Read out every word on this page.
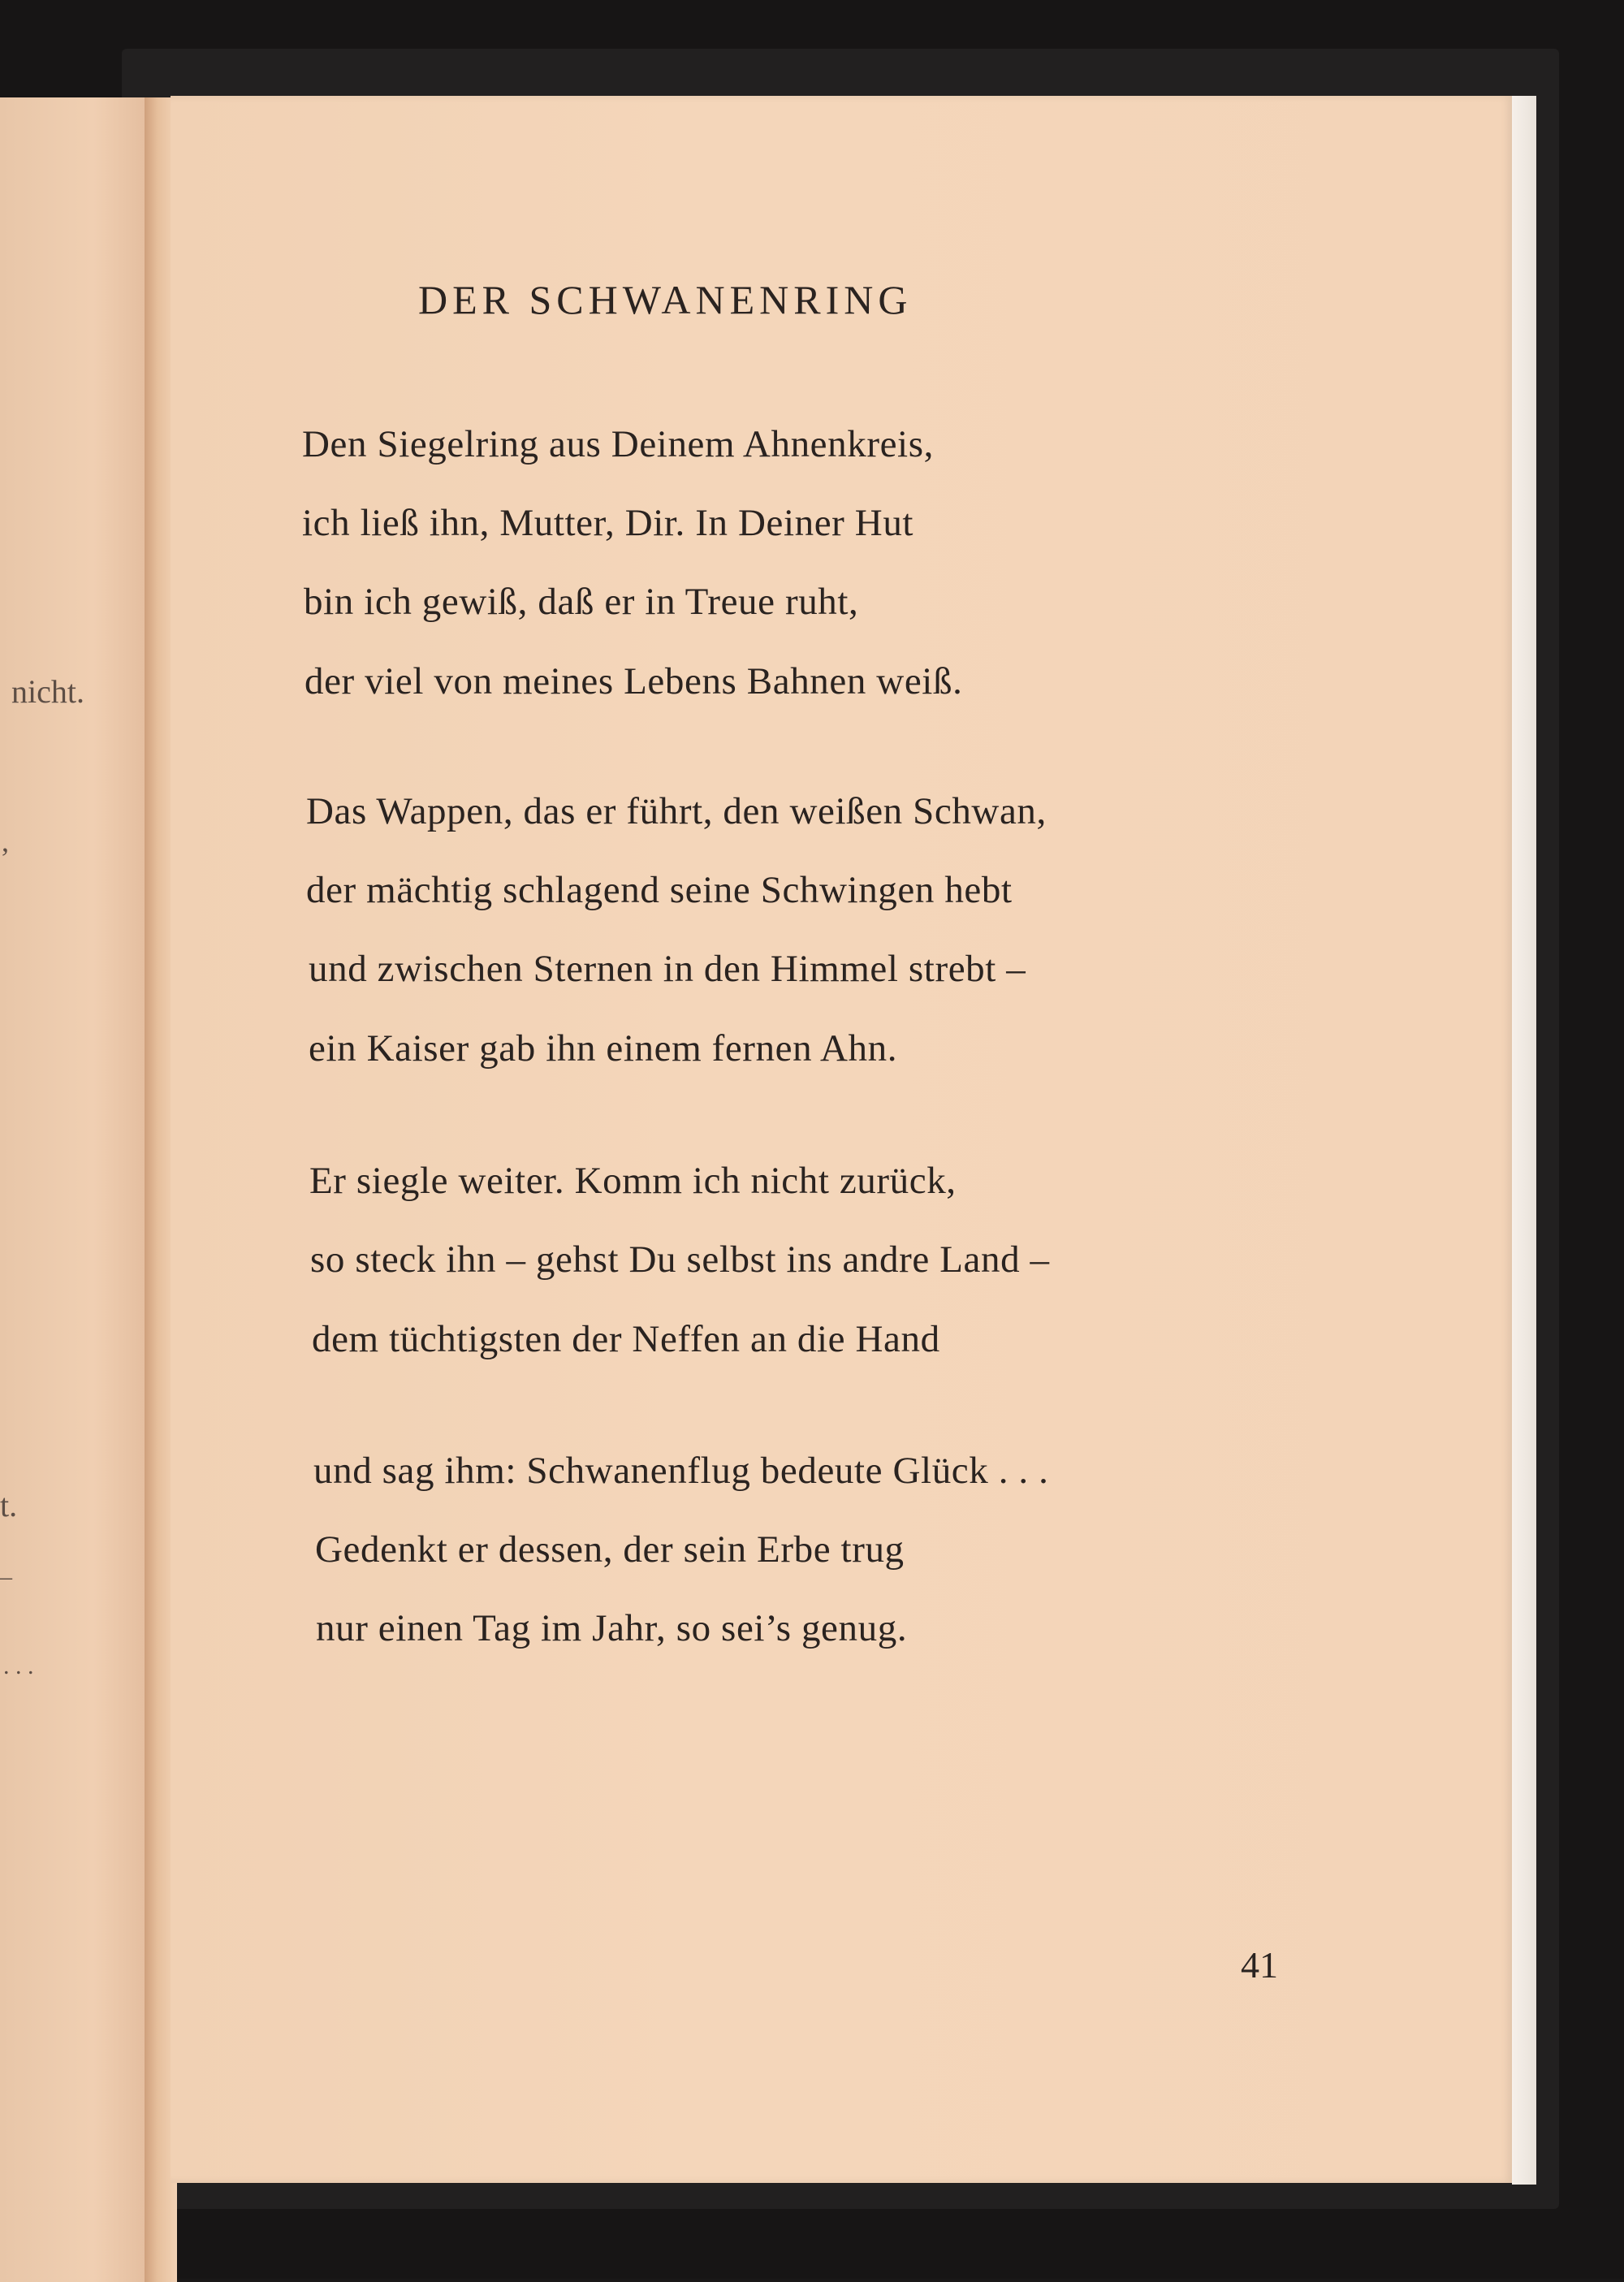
nicht.
,
t.
–
. . .
DER SCHWANENRING
Den Siegelring aus Deinem Ahnenkreis,
ich ließ ihn, Mutter, Dir. In Deiner Hut
bin ich gewiß, daß er in Treue ruht,
der viel von meines Lebens Bahnen weiß.
Das Wappen, das er führt, den weißen Schwan,
der mächtig schlagend seine Schwingen hebt
und zwischen Sternen in den Himmel strebt –
ein Kaiser gab ihn einem fernen Ahn.
Er siegle weiter. Komm ich nicht zurück,
so steck ihn – gehst Du selbst ins andre Land –
dem tüchtigsten der Neffen an die Hand
und sag ihm: Schwanenflug bedeute Glück . . .
Gedenkt er dessen, der sein Erbe trug
nur einen Tag im Jahr, so sei’s genug.
41
